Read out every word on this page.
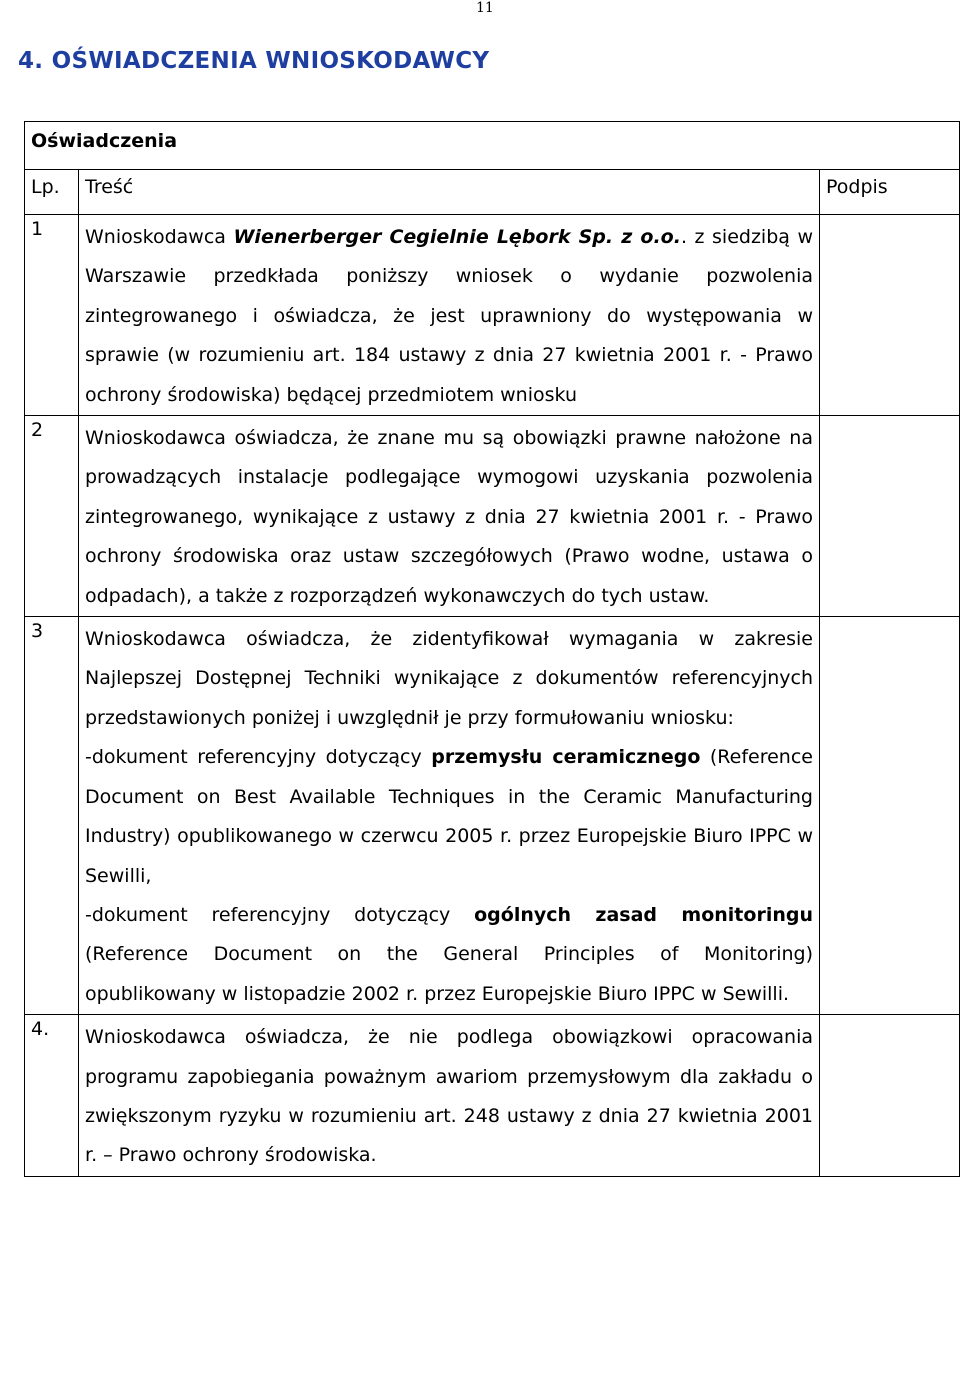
11
4. OŚWIADCZENIA WNIOSKODAWCY
Oświadczenia		
Lp.	Treść	Podpis
1	Wnioskodawca Wienerberger Cegielnie Lębork Sp. z o.o.. z siedzibą w Warszawie przedkłada poniższy wniosek o wydanie pozwolenia zintegrowanego i oświadcza, że jest uprawniony do występowania w sprawie (w rozumieniu art. 184 ustawy z dnia 27 kwietnia 2001 r. - Prawo ochrony środowiska) będącej przedmiotem wniosku	
2	Wnioskodawca oświadcza, że znane mu są obowiązki prawne nałożone na prowadzących instalacje podlegające wymogowi uzyskania pozwolenia zintegrowanego, wynikające z ustawy z dnia 27 kwietnia 2001 r. - Prawo ochrony środowiska oraz ustaw szczegółowych (Prawo wodne, ustawa o odpadach), a także z rozporządzeń wykonawczych do tych ustaw.	
3	Wnioskodawca oświadcza, że zidentyfikował wymagania w zakresie Najlepszej Dostępnej Techniki wynikające z dokumentów referencyjnych przedstawionych poniżej i uwzględnił je przy formułowaniu wniosku:
-dokument referencyjny dotyczący przemysłu ceramicznego (Reference Document on Best Available Techniques in the Ceramic Manufacturing Industry) opublikowanego w czerwcu 2005 r. przez Europejskie Biuro IPPC w Sewilli,
-dokument referencyjny dotyczący ogólnych zasad monitoringu (Reference Document on the General Principles of Monitoring) opublikowany w listopadzie 2002 r. przez Europejskie Biuro IPPC w Sewilli.	
4.	Wnioskodawca oświadcza, że nie podlega obowiązkowi opracowania programu zapobiegania poważnym awariom przemysłowym dla zakładu o zwiększonym ryzyku w rozumieniu art. 248 ustawy z dnia 27 kwietnia 2001 r. – Prawo ochrony środowiska.	
